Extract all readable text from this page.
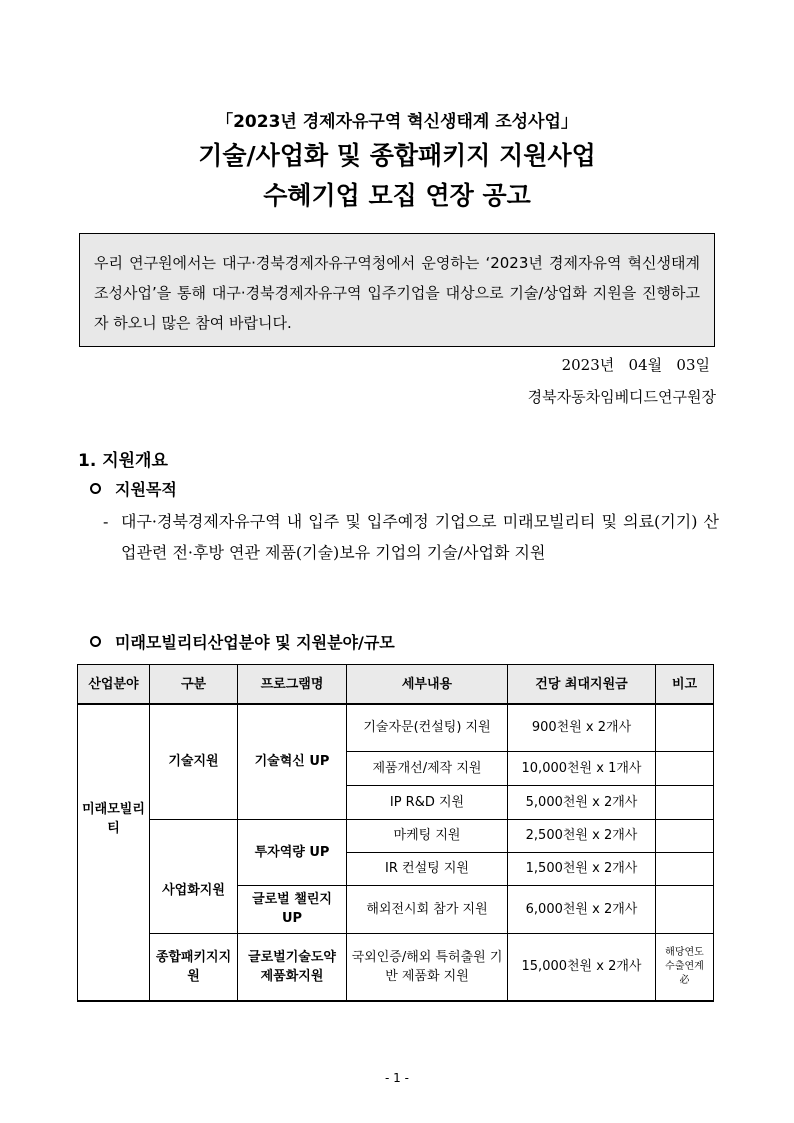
「2023년 경제자유구역 혁신생태계 조성사업」
기술/사업화 및 종합패키지 지원사업
수혜기업 모집 연장 공고
우리 연구원에서는 대구·경북경제자유구역청에서 운영하는 ‘2023년 경제자유역 혁신생태계 조성사업’을 통해 대구·경북경제자유구역 입주기업을 대상으로 기술/상업화 지원을 진행하고자 하오니 많은 참여 바랍니다.
2023년   04월   03일
경북자동차임베디드연구원장
1. 지원개요
지원목적
- 대구·경북경제자유구역 내 입주 및 입주예정 기업으로 미래모빌리티 및 의료(기기) 산업관련 전·후방 연관 제품(기술)보유 기업의 기술/사업화 지원
미래모빌리티산업분야 및 지원분야/규모
산업분야	구분	프로그램명	세부내용	건당 최대지원금	비고
미래모빌리티	기술지원	기술혁신 UP	기술자문(컨설팅) 지원	900천원 x 2개사	
			제품개선/제작 지원	10,000천원 x 1개사	
			IP R&D 지원	5,000천원 x 2개사	
	사업화지원	투자역량 UP	마케팅 지원	2,500천원 x 2개사	
			IR 컨설팅 지원	1,500천원 x 2개사	
		글로벌 챌린지 UP	해외전시회 참가 지원	6,000천원 x 2개사	
	종합패키지지원	글로벌기술도약 제품화지원	국외인증/해외 특허출원 기반 제품화 지원	15,000천원 x 2개사	해당연도 수출연계 必
- 1 -
